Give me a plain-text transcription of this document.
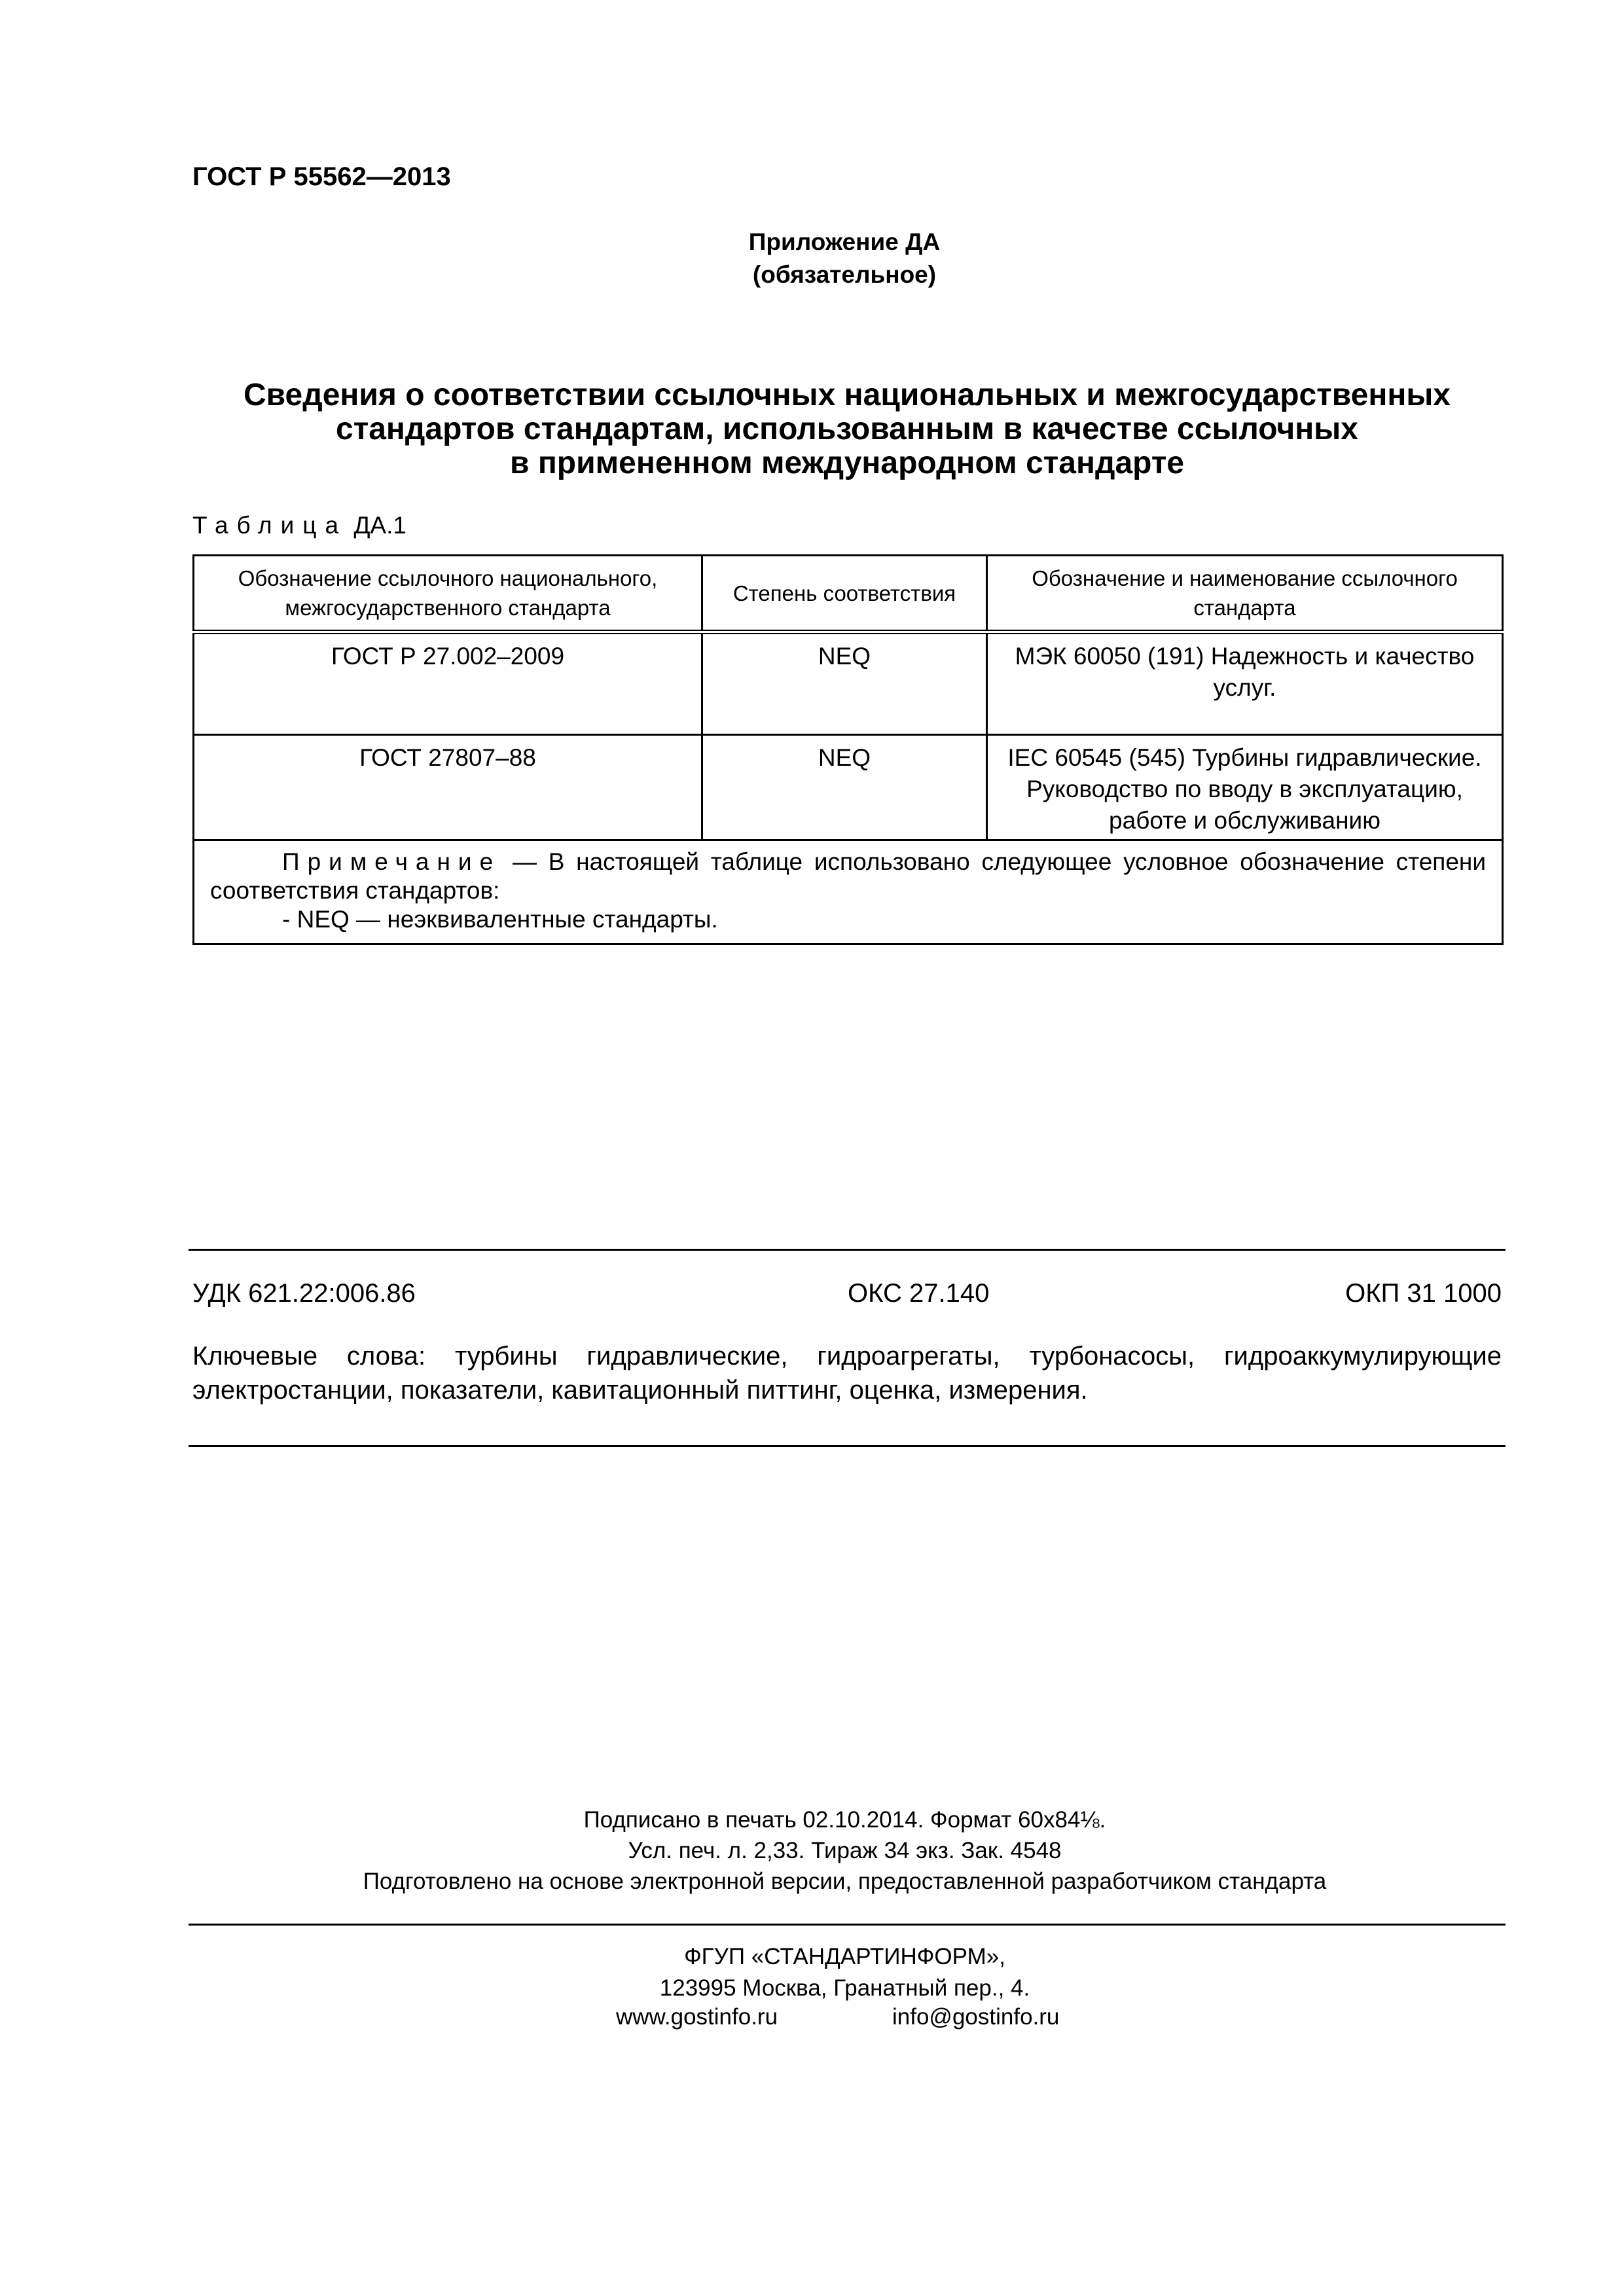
ГОСТ Р 55562—2013
Приложение ДА
(обязательное)
Сведения о соответствии ссылочных национальных и межгосударственных
стандартов стандартам, использованным в качестве ссылочных
в примененном международном стандарте
Таблица ДА.1
Обозначение ссылочного национального, межгосударственного стандарта	Степень соответствия	Обозначение и наименование ссылочного стандарта
ГОСТ Р 27.002–2009	NEQ	МЭК 60050 (191) Надежность и качество услуг.
ГОСТ 27807–88	NEQ	IEC 60545 (545) Турбины гидравлические. Руководство по вводу в эксплуатацию, работе и обслуживанию
Примечание — В настоящей таблице использовано следующее условное обозначение степени соответствия стандартов:
- NEQ — неэквивалентные стандарты.		
УДК 621.22:006.86	ОКС 27.140	ОКП 31 1000
Ключевые слова: турбины гидравлические, гидроагрегаты, турбонасосы, гидроаккумулирующие электростанции, показатели, кавитационный питтинг, оценка, измерения.
Подписано в печать 02.10.2014. Формат 60x84⅛.
Усл. печ. л. 2,33. Тираж 34 экз. Зак. 4548
Подготовлено на основе электронной версии, предоставленной разработчиком стандарта
ФГУП «СТАНДАРТИНФОРМ»,
123995 Москва, Гранатный пер., 4.
www.gostinfo.ru	info@gostinfo.ru
